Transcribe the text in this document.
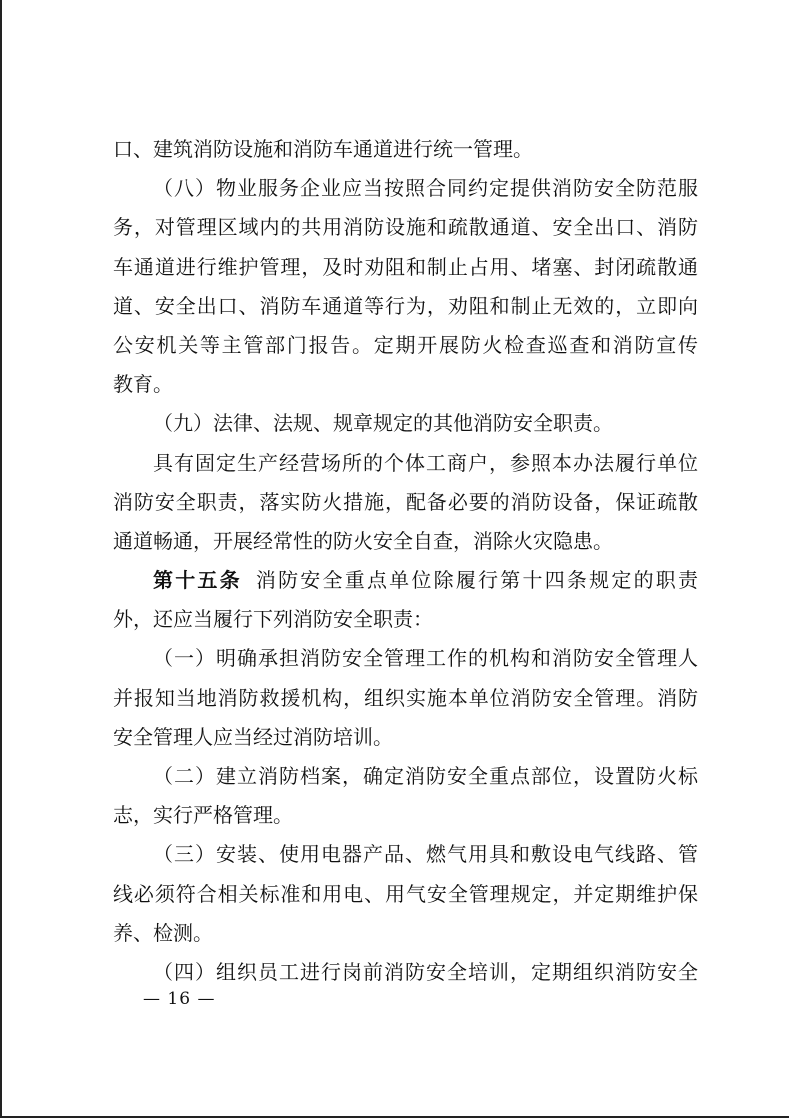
口、建筑消防设施和消防车通道进行统一管理。
（八）物业服务企业应当按照合同约定提供消防安全防范服
务，对管理区域内的共用消防设施和疏散通道、安全出口、消防
车通道进行维护管理，及时劝阻和制止占用、堵塞、封闭疏散通
道、安全出口、消防车通道等行为，劝阻和制止无效的，立即向
公安机关等主管部门报告。定期开展防火检查巡查和消防宣传
教育。
（九）法律、法规、规章规定的其他消防安全职责。
具有固定生产经营场所的个体工商户，参照本办法履行单位
消防安全职责，落实防火措施，配备必要的消防设备，保证疏散
通道畅通，开展经常性的防火安全自查，消除火灾隐患。
第十五条 消防安全重点单位除履行第十四条规定的职责
外，还应当履行下列消防安全职责：
（一）明确承担消防安全管理工作的机构和消防安全管理人
并报知当地消防救援机构，组织实施本单位消防安全管理。消防
安全管理人应当经过消防培训。
（二）建立消防档案，确定消防安全重点部位，设置防火标
志，实行严格管理。
（三）安装、使用电器产品、燃气用具和敷设电气线路、管
线必须符合相关标准和用电、用气安全管理规定，并定期维护保
养、检测。
（四）组织员工进行岗前消防安全培训，定期组织消防安全
— 16 —
